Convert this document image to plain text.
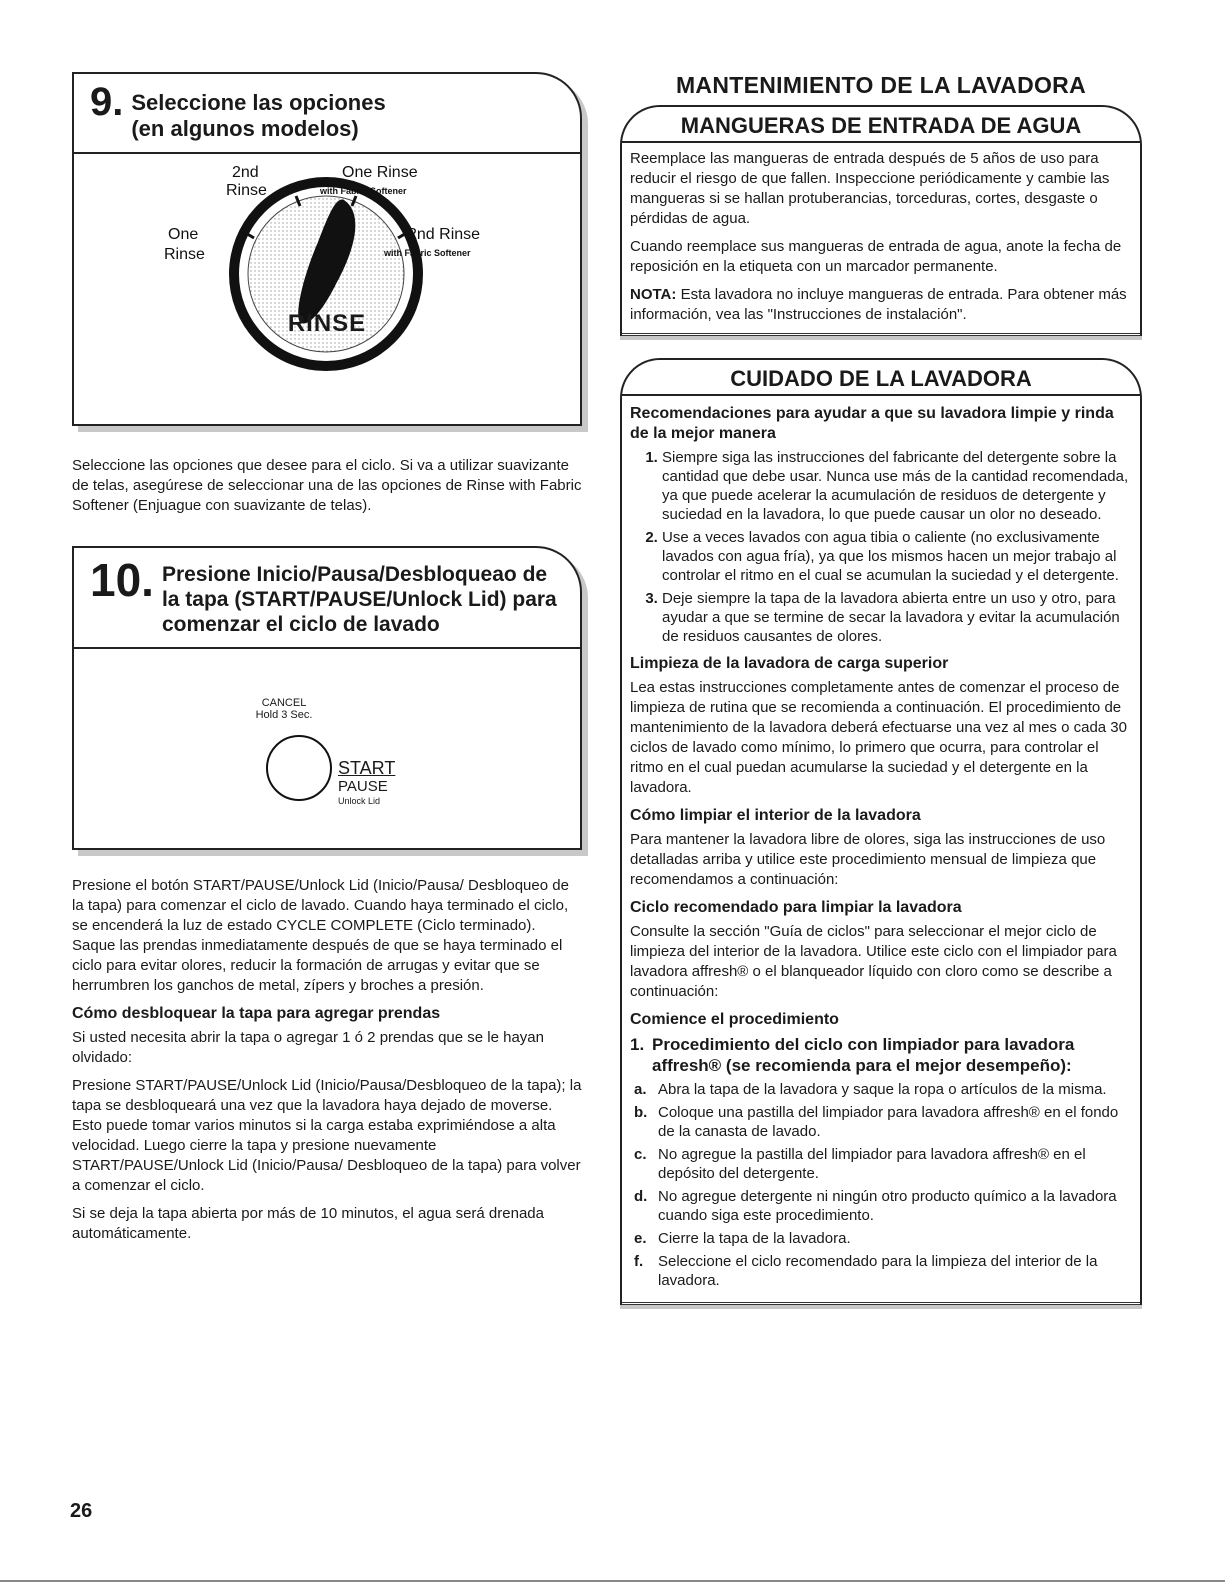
9. Seleccione las opciones (en algunos modelos)
2nd
Rinse
One Rinse
with Fabric Softener
One
Rinse
2nd Rinse
with Fabric Softener
RINSE

Seleccione las opciones que desee para el ciclo. Si va a utilizar suavizante de telas, asegúrese de seleccionar una de las opciones de Rinse with Fabric Softener (Enjuague con suavizante de telas).

10. Presione Inicio/Pausa/Desbloqueao de la tapa (START/PAUSE/Unlock Lid) para comenzar el ciclo de lavado
CANCEL
Hold 3 Sec.
START
PAUSE
Unlock Lid

Presione el botón START/PAUSE/Unlock Lid (Inicio/Pausa/ Desbloqueo de la tapa) para comenzar el ciclo de lavado. Cuando haya terminado el ciclo, se encenderá la luz de estado CYCLE COMPLETE (Ciclo terminado). Saque las prendas inmediatamente después de que se haya terminado el ciclo para evitar olores, reducir la formación de arrugas y evitar que se herrumbren los ganchos de metal, zípers y broches a presión.

Cómo desbloquear la tapa para agregar prendas

Si usted necesita abrir la tapa o agregar 1 ó 2 prendas que se le hayan olvidado:

Presione START/PAUSE/Unlock Lid (Inicio/Pausa/Desbloqueo de la tapa); la tapa se desbloqueará una vez que la lavadora haya dejado de moverse. Esto puede tomar varios minutos si la carga estaba exprimiéndose a alta velocidad. Luego cierre la tapa y presione nuevamente START/PAUSE/Unlock Lid (Inicio/Pausa/ Desbloqueo de la tapa) para volver a comenzar el ciclo.

Si se deja la tapa abierta por más de 10 minutos, el agua será drenada automáticamente.

MANTENIMIENTO DE LA LAVADORA
MANGUERAS DE ENTRADA DE AGUA

Reemplace las mangueras de entrada después de 5 años de uso para reducir el riesgo de que fallen. Inspeccione periódicamente y cambie las mangueras si se hallan protuberancias, torceduras, cortes, desgaste o pérdidas de agua.

Cuando reemplace sus mangueras de entrada de agua, anote la fecha de reposición en la etiqueta con un marcador permanente.

NOTA: Esta lavadora no incluye mangueras de entrada. Para obtener más información, vea las "Instrucciones de instalación".

CUIDADO DE LA LAVADORA

Recomendaciones para ayudar a que su lavadora limpie y rinda de la mejor manera

1. Siempre siga las instrucciones del fabricante del detergente sobre la cantidad que debe usar. Nunca use más de la cantidad recomendada, ya que puede acelerar la acumulación de residuos de detergente y suciedad en la lavadora, lo que puede causar un olor no deseado.
2. Use a veces lavados con agua tibia o caliente (no exclusivamente lavados con agua fría), ya que los mismos hacen un mejor trabajo al controlar el ritmo en el cual se acumulan la suciedad y el detergente.
3. Deje siempre la tapa de la lavadora abierta entre un uso y otro, para ayudar a que se termine de secar la lavadora y evitar la acumulación de residuos causantes de olores.

Limpieza de la lavadora de carga superior

Lea estas instrucciones completamente antes de comenzar el proceso de limpieza de rutina que se recomienda a continuación. El procedimiento de mantenimiento de la lavadora deberá efectuarse una vez al mes o cada 30 ciclos de lavado como mínimo, lo primero que ocurra, para controlar el ritmo en el cual puedan acumularse la suciedad y el detergente en la lavadora.

Cómo limpiar el interior de la lavadora

Para mantener la lavadora libre de olores, siga las instrucciones de uso detalladas arriba y utilice este procedimiento mensual de limpieza que recomendamos a continuación:

Ciclo recomendado para limpiar la lavadora

Consulte la sección "Guía de ciclos" para seleccionar el mejor ciclo de limpieza del interior de la lavadora. Utilice este ciclo con el limpiador para lavadora affresh® o el blanqueador líquido con cloro como se describe a continuación:

Comience el procedimiento

1. Procedimiento del ciclo con limpiador para lavadora affresh® (se recomienda para el mejor desempeño):
a. Abra la tapa de la lavadora y saque la ropa o artículos de la misma.
b. Coloque una pastilla del limpiador para lavadora affresh® en el fondo de la canasta de lavado.
c. No agregue la pastilla del limpiador para lavadora affresh® en el depósito del detergente.
d. No agregue detergente ni ningún otro producto químico a la lavadora cuando siga este procedimiento.
e. Cierre la tapa de la lavadora.
f. Seleccione el ciclo recomendado para la limpieza del interior de la lavadora.
26
